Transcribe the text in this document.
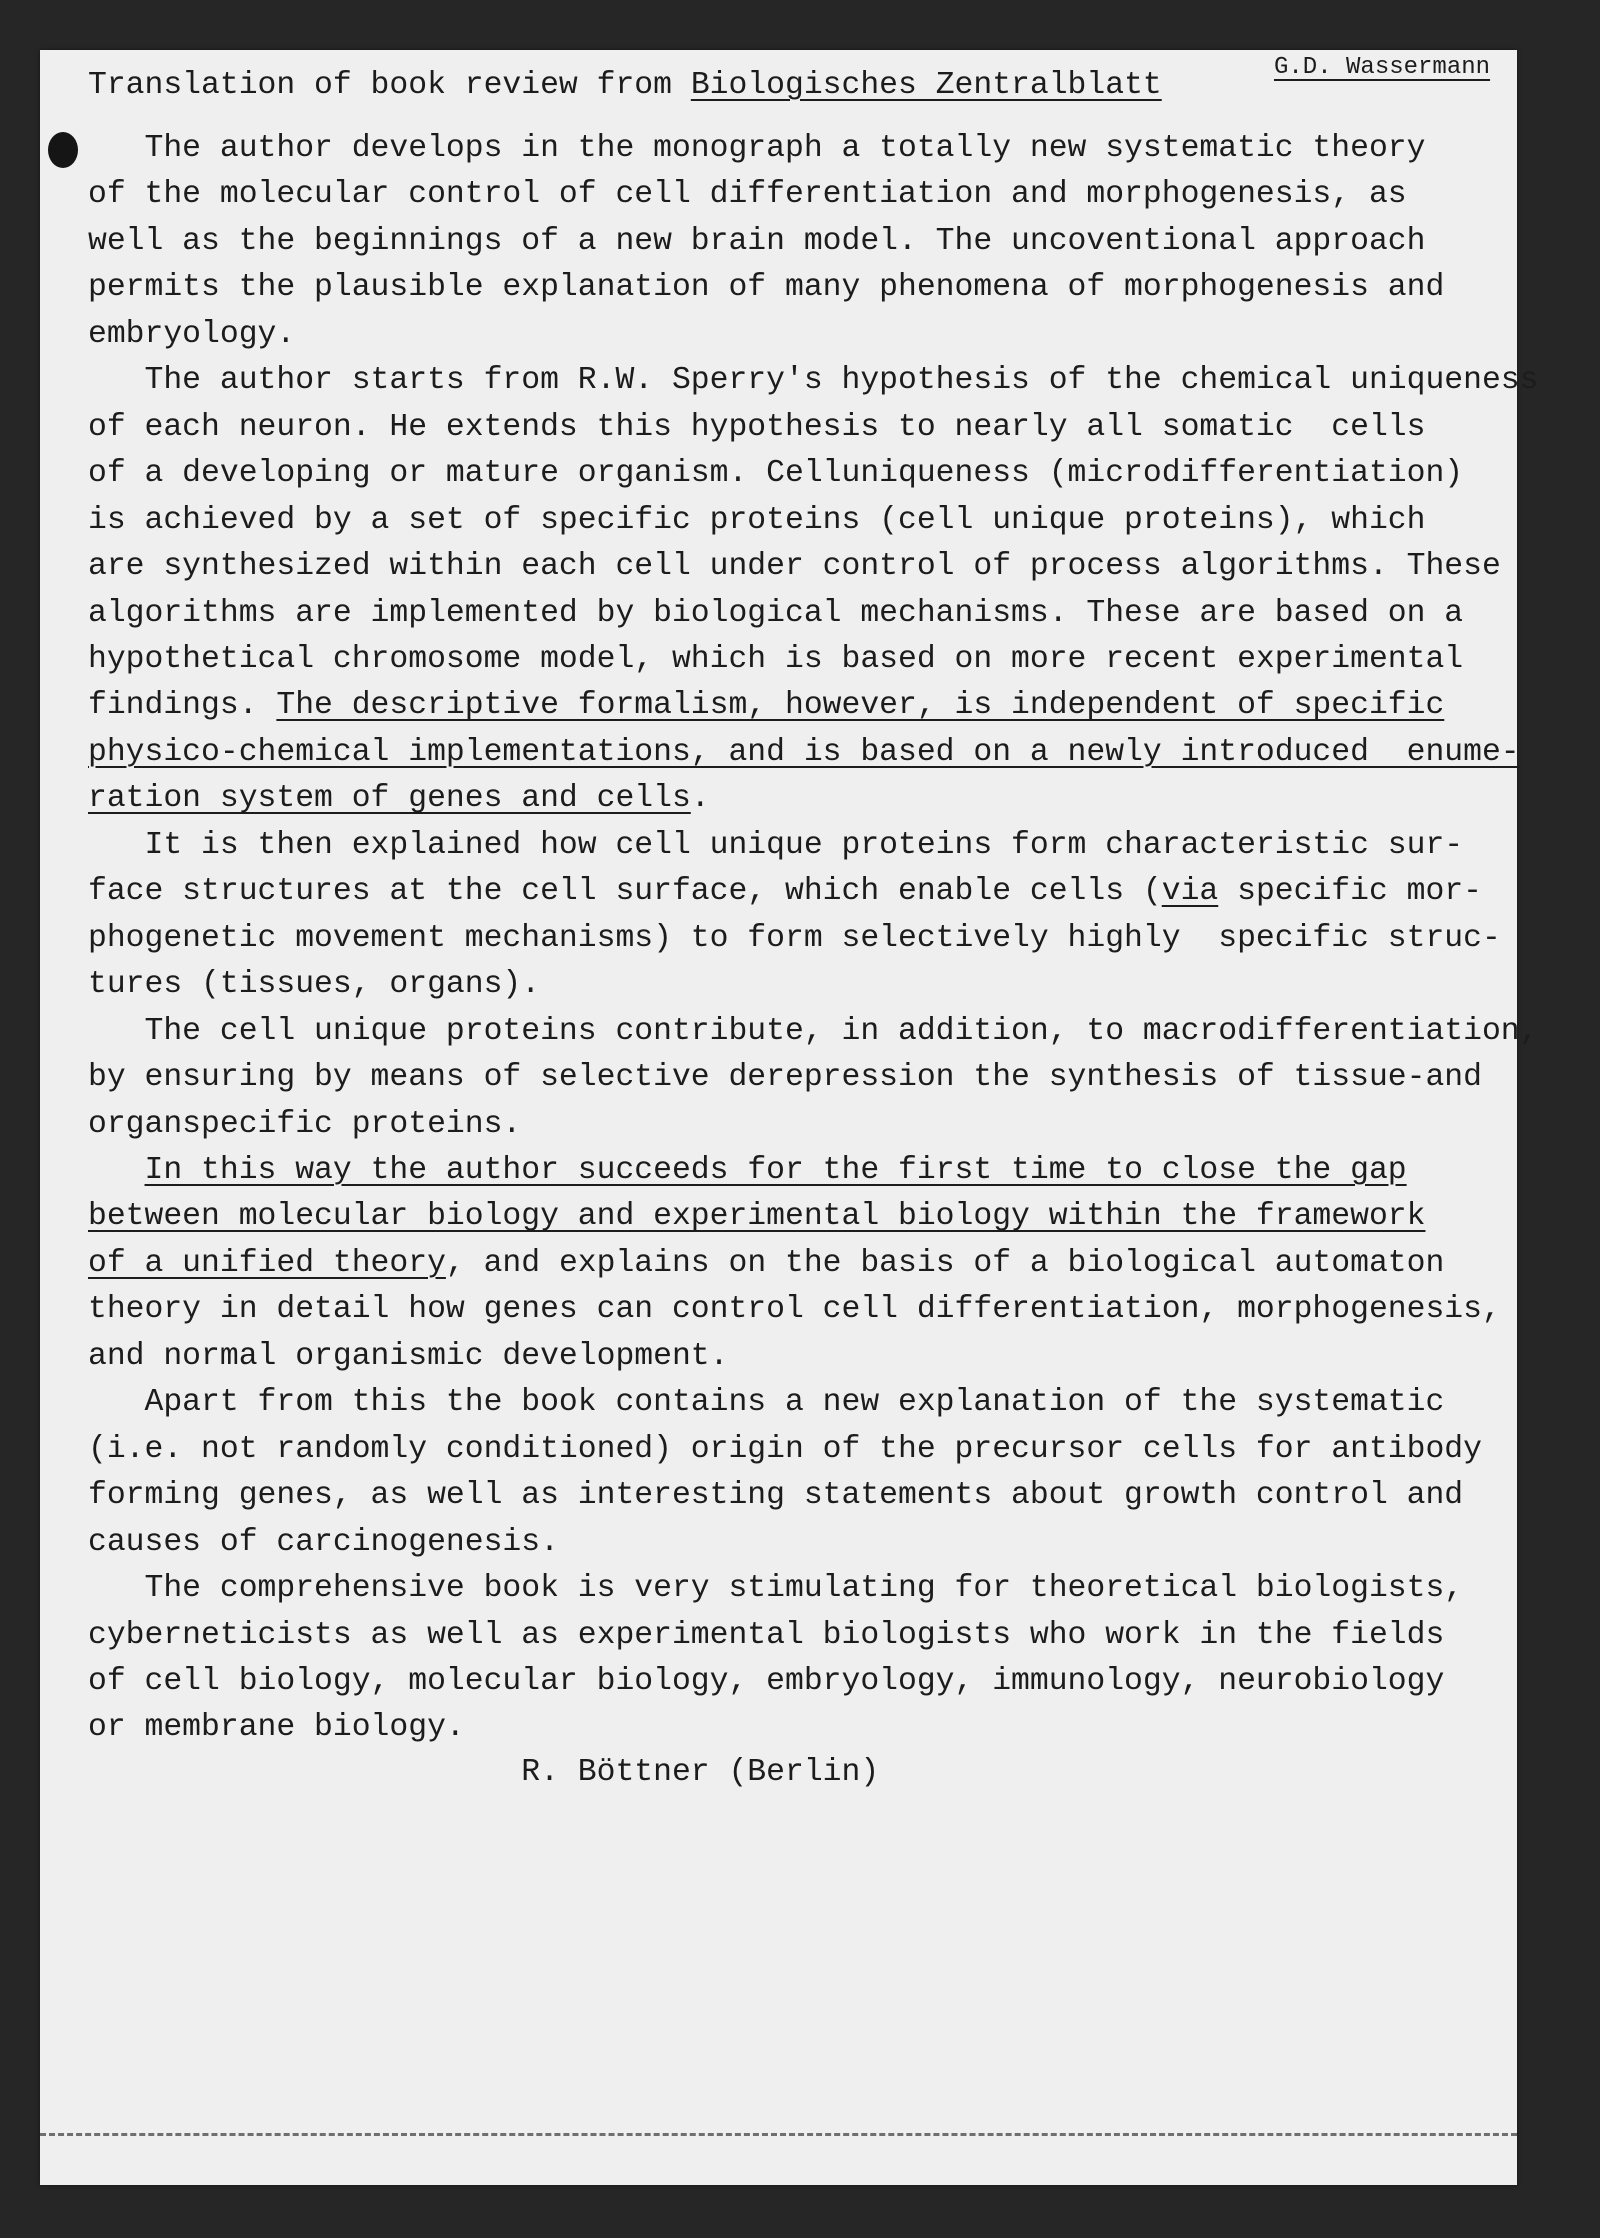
Translation of book review from Biologisches Zentralblatt
G.D. Wassermann
The author develops in the monograph a totally new systematic theory
of the molecular control of cell differentiation and morphogenesis, as
well as the beginnings of a new brain model. The uncoventional approach
permits the plausible explanation of many phenomena of morphogenesis and
embryology.
The author starts from R.W. Sperry's hypothesis of the chemical uniqueness
of each neuron. He extends this hypothesis to nearly all somatic  cells
of a developing or mature organism. Celluniqueness (microdifferentiation)
is achieved by a set of specific proteins (cell unique proteins), which
are synthesized within each cell under control of process algorithms. These
algorithms are implemented by biological mechanisms. These are based on a
hypothetical chromosome model, which is based on more recent experimental
findings. The descriptive formalism, however, is independent of specific
physico-chemical implementations, and is based on a newly introduced  enume-
ration system of genes and cells.
It is then explained how cell unique proteins form characteristic sur-
face structures at the cell surface, which enable cells (via specific mor-
phogenetic movement mechanisms) to form selectively highly  specific struc-
tures (tissues, organs).
The cell unique proteins contribute, in addition, to macrodifferentiation,
by ensuring by means of selective derepression the synthesis of tissue-and
organspecific proteins.
In this way the author succeeds for the first time to close the gap
between molecular biology and experimental biology within the framework
of a unified theory, and explains on the basis of a biological automaton
theory in detail how genes can control cell differentiation, morphogenesis,
and normal organismic development.
Apart from this the book contains a new explanation of the systematic
(i.e. not randomly conditioned) origin of the precursor cells for antibody
forming genes, as well as interesting statements about growth control and
causes of carcinogenesis.
The comprehensive book is very stimulating for theoretical biologists,
cyberneticists as well as experimental biologists who work in the fields
of cell biology, molecular biology, embryology, immunology, neurobiology
or membrane biology.
R. Böttner (Berlin)
